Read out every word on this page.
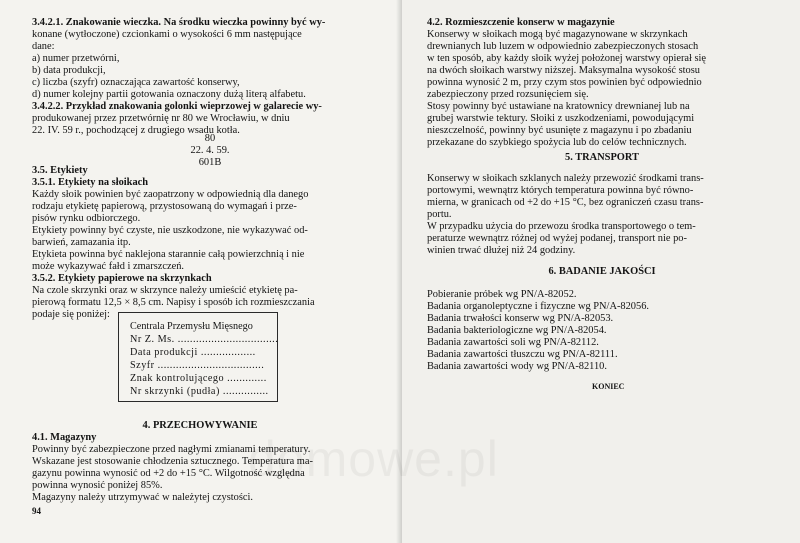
3.4.2.1. Znakowanie wieczka. Na środku wieczka powinny być wy-
konane (wytłoczone) czcionkami o wysokości 6 mm następujące
dane:
a) numer przetwórni,
b) data produkcji,
c) liczba (szyfr) oznaczająca zawartość konserwy,
d) numer kolejny partii gotowania oznaczony dużą literą alfabetu.
3.4.2.2. Przykład znakowania golonki wieprzowej w galarecie wy-
produkowanej przez przetwórnię nr 80 we Wrocławiu, w dniu
22. IV. 59 r., pochodzącej z drugiego wsadu kotła.
80
22. 4. 59.
601B
3.5. Etykiety
3.5.1. Etykiety na słoikach
Każdy słoik powinien być zaopatrzony w odpowiednią dla danego
rodzaju etykietę papierową, przystosowaną do wymagań i prze-
pisów rynku odbiorczego.
Etykiety powinny być czyste, nie uszkodzone, nie wykazywać od-
barwień, zamazania itp.
Etykieta powinna być naklejona starannie całą powierzchnią i nie
może wykazywać fałd i zmarszczeń.
3.5.2. Etykiety papierowe na skrzynkach
Na czole skrzynki oraz w skrzynce należy umieścić etykietę pa-
pierową formatu 12,5 × 8,5 cm. Napisy i sposób ich rozmieszczania
podaje się poniżej:
Centrala Przemysłu Mięsnego
Nr Z. Ms. .................................
Data produkcji ..................
Szyfr ...................................
Znak kontrolującego .............
Nr skrzynki (pudła) ...............
4. PRZECHOWYWANIE
4.1. Magazyny
Powinny być zabezpieczone przed nagłymi zmianami temperatury.
Wskazane jest stosowanie chłodzenia sztucznego. Temperatura ma-
gazynu powinna wynosić od +2 do +15 °C. Wilgotność względna
powinna wynosić poniżej 85%.
Magazyny należy utrzymywać w należytej czystości.
94
4.2. Rozmieszczenie konserw w magazynie
Konserwy w słoikach mogą być magazynowane w skrzynkach
drewnianych lub luzem w odpowiednio zabezpieczonych stosach
w ten sposób, aby każdy słoik wyżej położonej warstwy opierał się
na dwóch słoikach warstwy niższej. Maksymalna wysokość stosu
powinna wynosić 2 m, przy czym stos powinien być odpowiednio
zabezpieczony przed rozsunięciem się.
Stosy powinny być ustawiane na kratownicy drewnianej lub na
grubej warstwie tektury. Słoiki z uszkodzeniami, powodującymi
nieszczelność, powinny być usunięte z magazynu i po zbadaniu
przekazane do szybkiego spożycia lub do celów technicznych.
5. TRANSPORT
Konserwy w słoikach szklanych należy przewozić środkami trans-
portowymi, wewnątrz których temperatura powinna być równo-
mierna, w granicach od +2 do +15 °C, bez ograniczeń czasu trans-
portu.
W przypadku użycia do przewozu środka transportowego o tem-
peraturze wewnątrz różnej od wyżej podanej, transport nie po-
winien trwać dłużej niż 24 godziny.
6. BADANIE JAKOŚCI
Pobieranie próbek wg PN/A-82052.
Badania organoleptyczne i fizyczne wg PN/A-82056.
Badania trwałości konserw wg PN/A-82053.
Badania bakteriologiczne wg PN/A-82054.
Badania zawartości soli wg PN/A-82112.
Badania zawartości tłuszczu wg PN/A-82111.
Badania zawartości wody wg PN/A-82110.
KONIEC
